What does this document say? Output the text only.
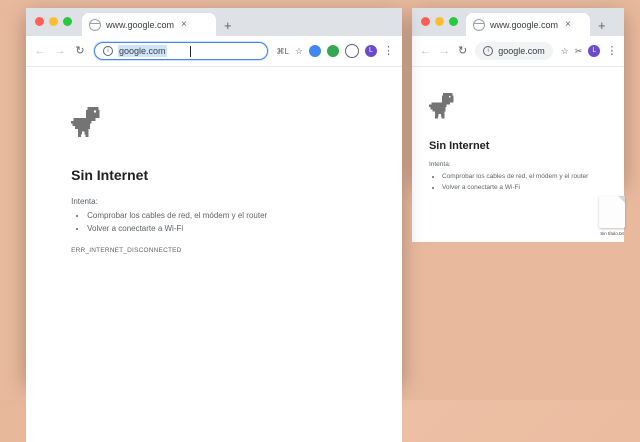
www.google.com × +
← → ↻	i	google.com ☆ ✂	L ⋮
Sin Internet

Intenta:

• Comprobar los cables de red, el módem y el router
• Volver a conectarte a Wi-Fi
www.google.com ×	+
← → ↻	i	google.com	⌘L ☆	L ⋮
Sin Internet

Intenta:

• Comprobar los cables de red, el módem y el router
• Volver a conectarte a Wi-Fi
ERR_INTERNET_DISCONNECTED
Sin título.txt
